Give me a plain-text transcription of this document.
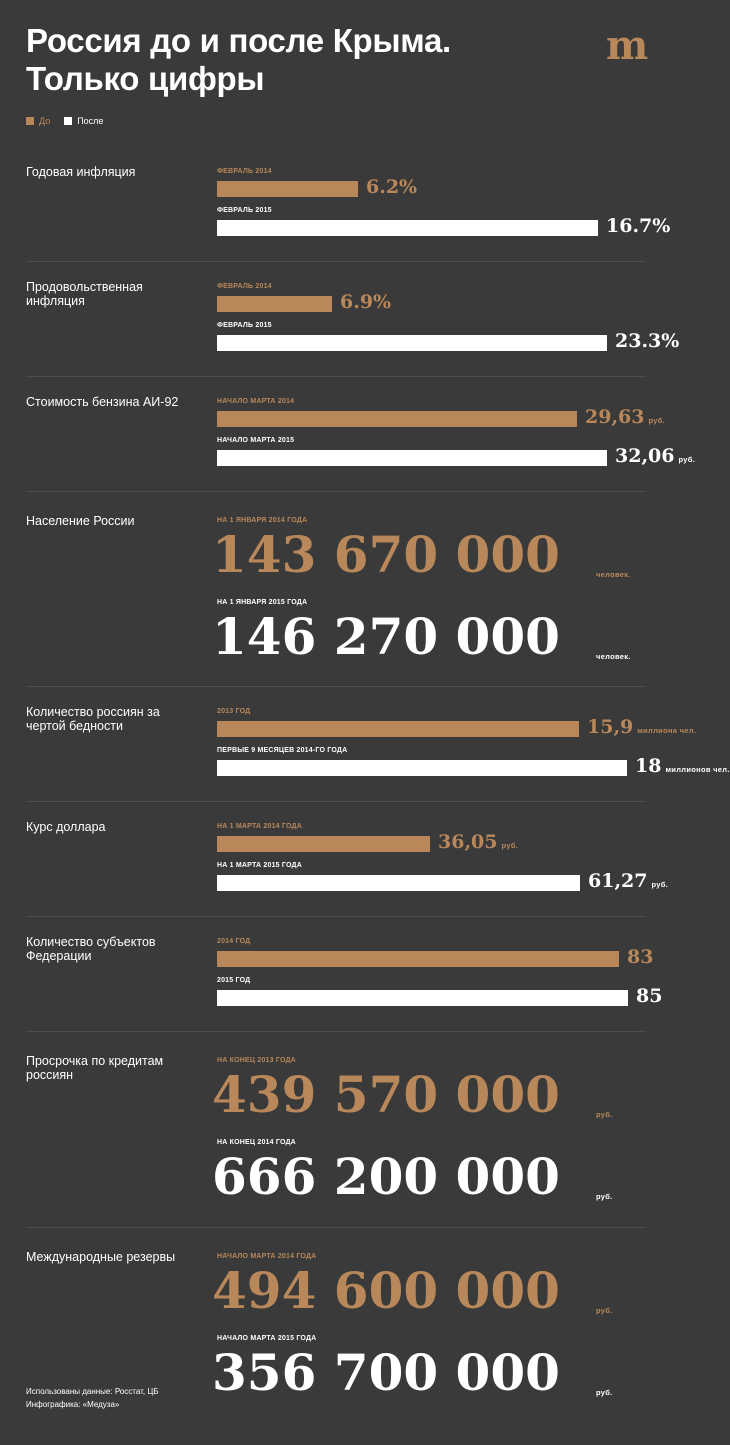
Россия до и после Крыма.
Только цифры
m
До	После
Годовая инфляция	ФЕВРАЛЬ 2014
6.2%
ФЕВРАЛЬ 2015
16.7%
Продовольственная инфляция
ФЕВРАЛЬ 2014
6.9%
ФЕВРАЛЬ 2015
23.3%
Стоимость бензина АИ-92	НАЧАЛО МАРТА 2014
29,63 руб.
НАЧАЛО МАРТА 2015
32,06 руб.
Население России	НА 1 ЯНВАРЯ 2014 ГОДА
143 670 000	человек.
НА 1 ЯНВАРЯ 2015 ГОДА
146 270 000	человек.
Количество россиян за чертой бедности
2013 ГОД
15,9 миллиона чел.
ПЕРВЫЕ 9 МЕСЯЦЕВ 2014-ГО ГОДА
18 миллионов чел.
Курс доллара	НА 1 МАРТА 2014 ГОДА
36,05 руб.
НА 1 МАРТА 2015 ГОДА
61,27 руб.
Количество субъектов Федерации
2014 ГОД
83
2015 ГОД
85
Просрочка по кредитам россиян
НА КОНЕЦ 2013 ГОДА
439 570 000	руб.
НА КОНЕЦ 2014 ГОДА
666 200 000	руб.
Международные резервы	НАЧАЛО МАРТА 2014 ГОДА
494 600 000	руб.
НАЧАЛО МАРТА 2015 ГОДА
356 700 000	руб.
Использованы данные: Росстат, ЦБ
Инфографика: «Медуза»
